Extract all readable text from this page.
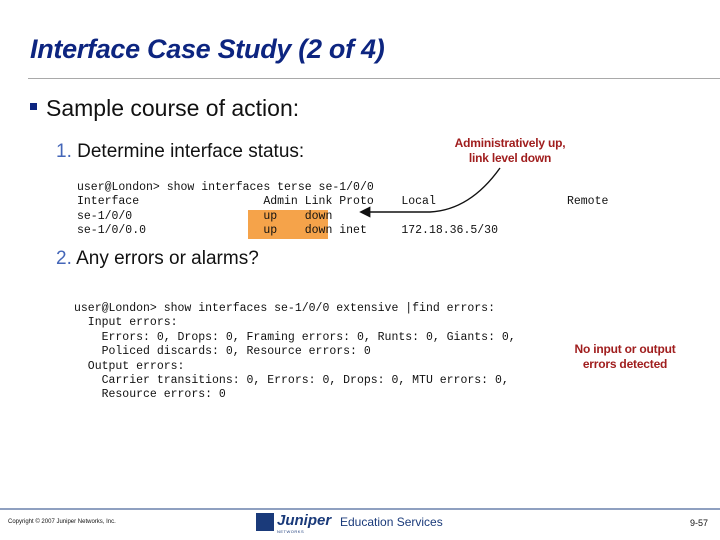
Interface Case Study (2 of 4)
Sample course of action:
1. Determine interface status:
user@London> show interfaces terse se-1/0/0
Interface                  Admin Link Proto    Local                   Remote
se-1/0/0                   up    down
se-1/0/0.0                 up    down inet     172.18.36.5/30
Administratively up,
link level down
2. Any errors or alarms?
user@London> show interfaces se-1/0/0 extensive |find errors:
Input errors:
Errors: 0, Drops: 0, Framing errors: 0, Runts: 0, Giants: 0,
Policed discards: 0, Resource errors: 0
Output errors:
Carrier transitions: 0, Errors: 0, Drops: 0, MTU errors: 0,
Resource errors: 0
No input or output
errors detected
Copyright © 2007 Juniper Networks, Inc.	Juniper
NETWORKS
Education Services	9-57
